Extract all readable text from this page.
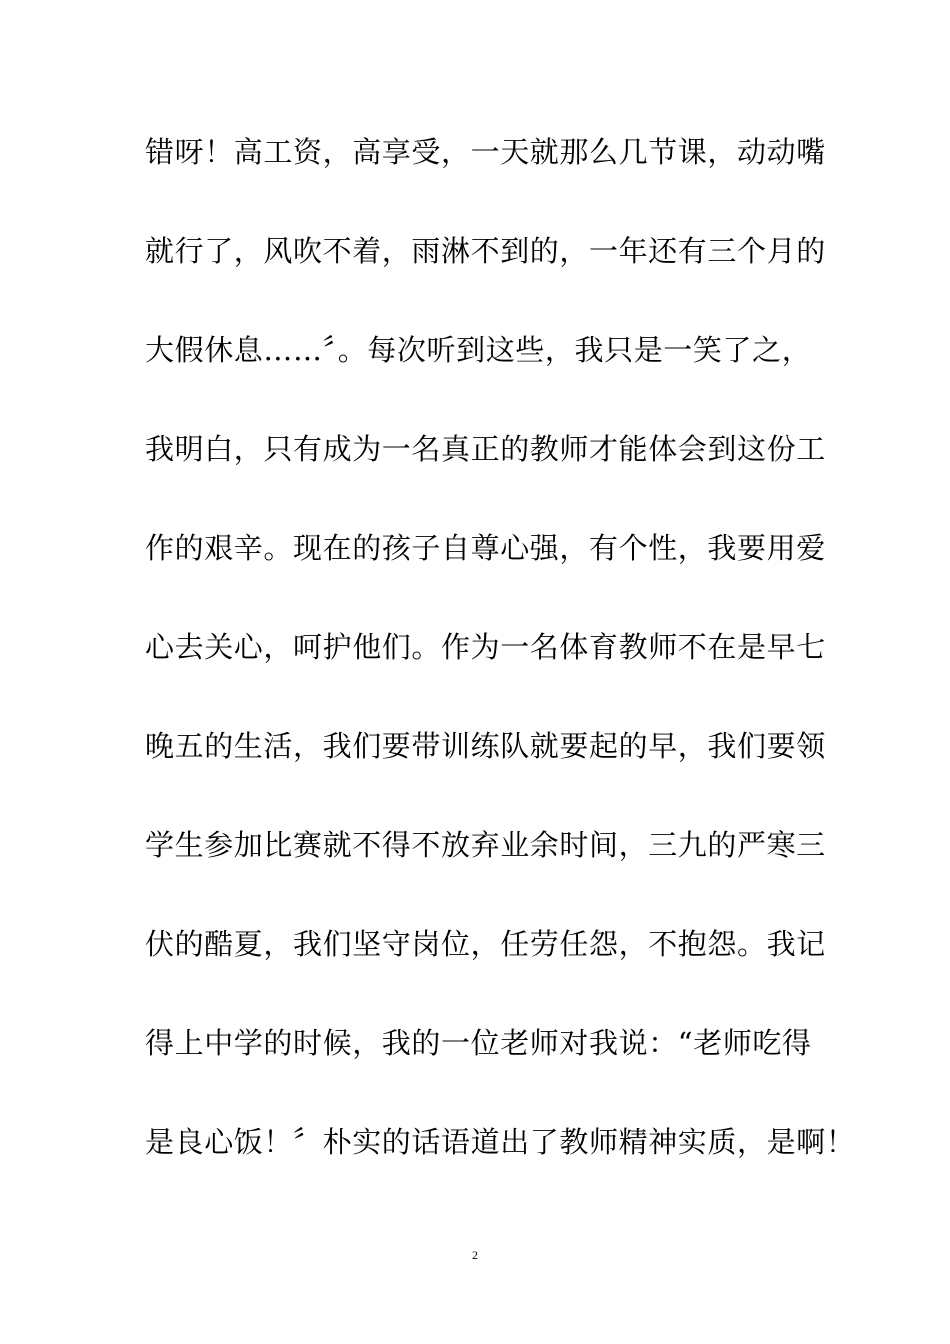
错呀！高工资，高享受，一天就那么几节课，动动嘴
就行了，风吹不着，雨淋不到的，一年还有三个月的
大假休息……〞。每次听到这些，我只是一笑了之，
我明白，只有成为一名真正的教师才能体会到这份工
作的艰辛。现在的孩子自尊心强，有个性，我要用爱
心去关心，呵护他们。作为一名体育教师不在是早七
晚五的生活，我们要带训练队就要起的早，我们要领
学生参加比赛就不得不放弃业余时间，三九的严寒三
伏的酷夏，我们坚守岗位，任劳任怨，不抱怨。我记
得上中学的时候，我的一位老师对我说：“老师吃得
是良心饭！〞朴实的话语道出了教师精神实质，是啊！
2
